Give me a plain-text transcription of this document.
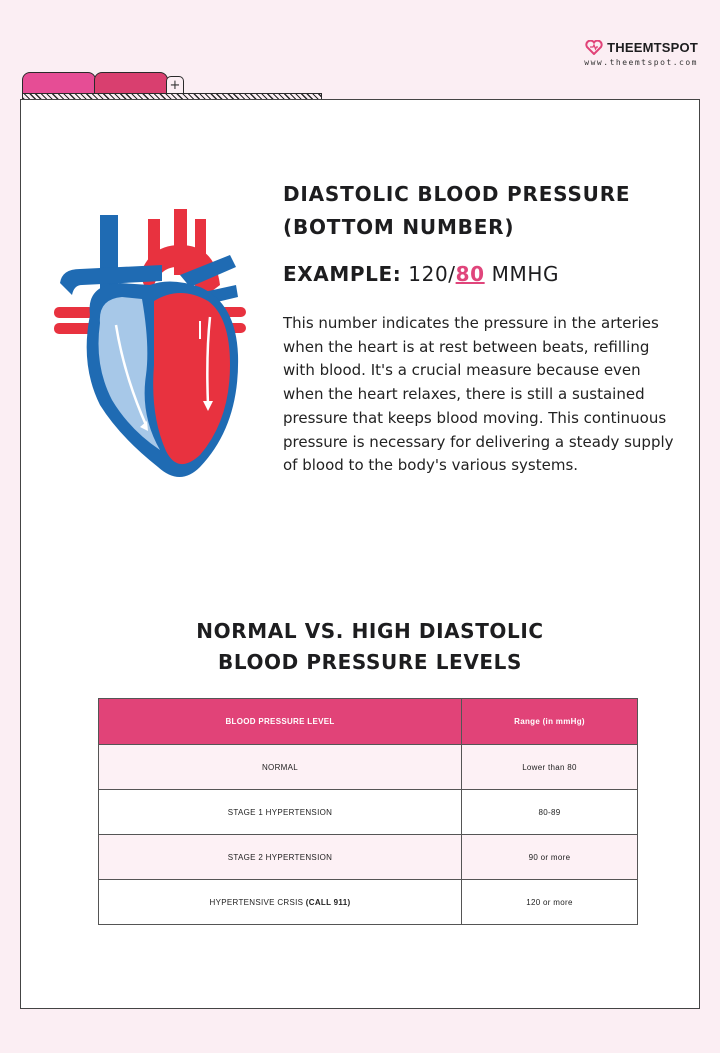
THEEMTSPOT
www.theemtspot.com
+
DIASTOLIC BLOOD PRESSURE
(BOTTOM NUMBER)
EXAMPLE: 120/80 MMHG

This number indicates the pressure in the arteries when the heart is at rest between beats, refilling with blood. It's a crucial measure because even when the heart relaxes, there is still a sustained pressure that keeps blood moving. This continuous pressure is necessary for delivering a steady supply of blood to the body's various systems.

NORMAL VS. HIGH DIASTOLIC
BLOOD PRESSURE LEVELS
BLOOD PRESSURE LEVEL	Range (in mmHg)
NORMAL	Lower than 80
STAGE 1 HYPERTENSION	80-89
STAGE 2 HYPERTENSION	90 or more
HYPERTENSIVE CRSIS (CALL 911)	120 or more
